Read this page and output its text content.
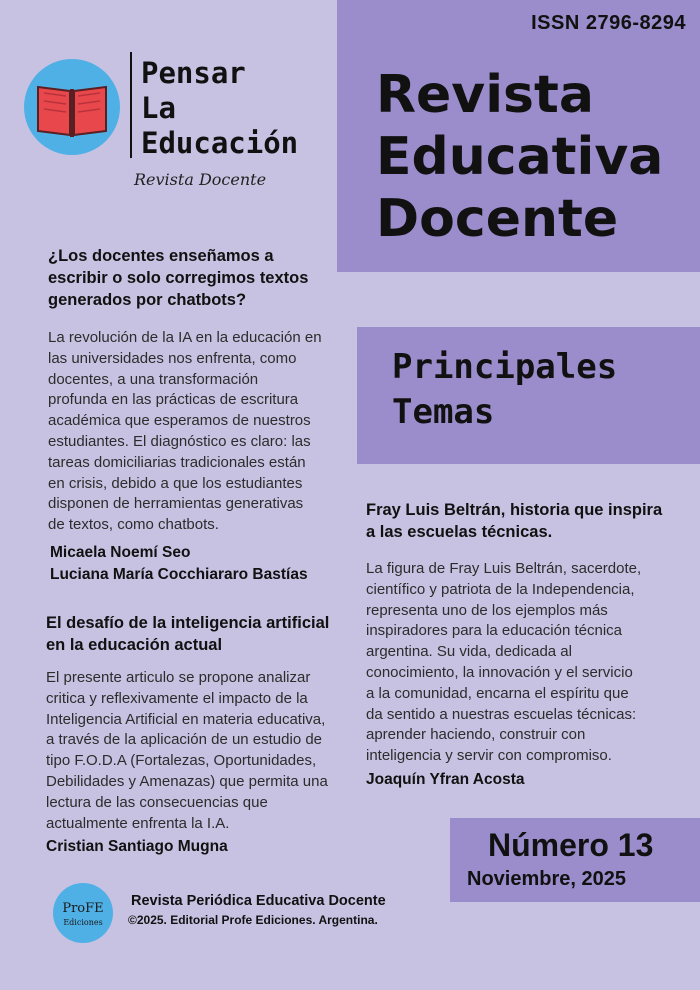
ISSN 2796-8294
Revista
Educativa
Docente

Pensar
La
Educación

Revista Docente
¿Los docentes enseñamos a
escribir o solo corregimos textos
generados por chatbots?
La revolución de la IA en la educación en
las universidades nos enfrenta, como
docentes, a una transformación
profunda en las prácticas de escritura
académica que esperamos de nuestros
estudiantes. El diagnóstico es claro: las
tareas domiciliarias tradicionales están
en crisis, debido a que los estudiantes
disponen de herramientas generativas
de textos, como chatbots.
Micaela Noemí Seo
Luciana María Cocchiararo Bastías
El desafío de la inteligencia artificial
en la educación actual
El presente articulo se propone analizar
critica y reflexivamente el impacto de la
Inteligencia Artificial en materia educativa,
a través de la aplicación de un estudio de
tipo F.O.D.A (Fortalezas, Oportunidades,
Debilidades y Amenazas) que permita una
lectura de las consecuencias que
actualmente enfrenta la I.A.
Cristian Santiago Mugna
Principales
Temas
Fray Luis Beltrán, historia que inspira
a las escuelas técnicas.
La figura de Fray Luis Beltrán, sacerdote,
científico y patriota de la Independencia,
representa uno de los ejemplos más
inspiradores para la educación técnica
argentina. Su vida, dedicada al
conocimiento, la innovación y el servicio
a la comunidad, encarna el espíritu que
da sentido a nuestras escuelas técnicas:
aprender haciendo, construir con
inteligencia y servir con compromiso.
Joaquín Yfran Acosta
Número 13
Noviembre, 2025
ProFE
Ediciones
Revista Periódica Educativa Docente
©2025. Editorial Profe Ediciones. Argentina.
